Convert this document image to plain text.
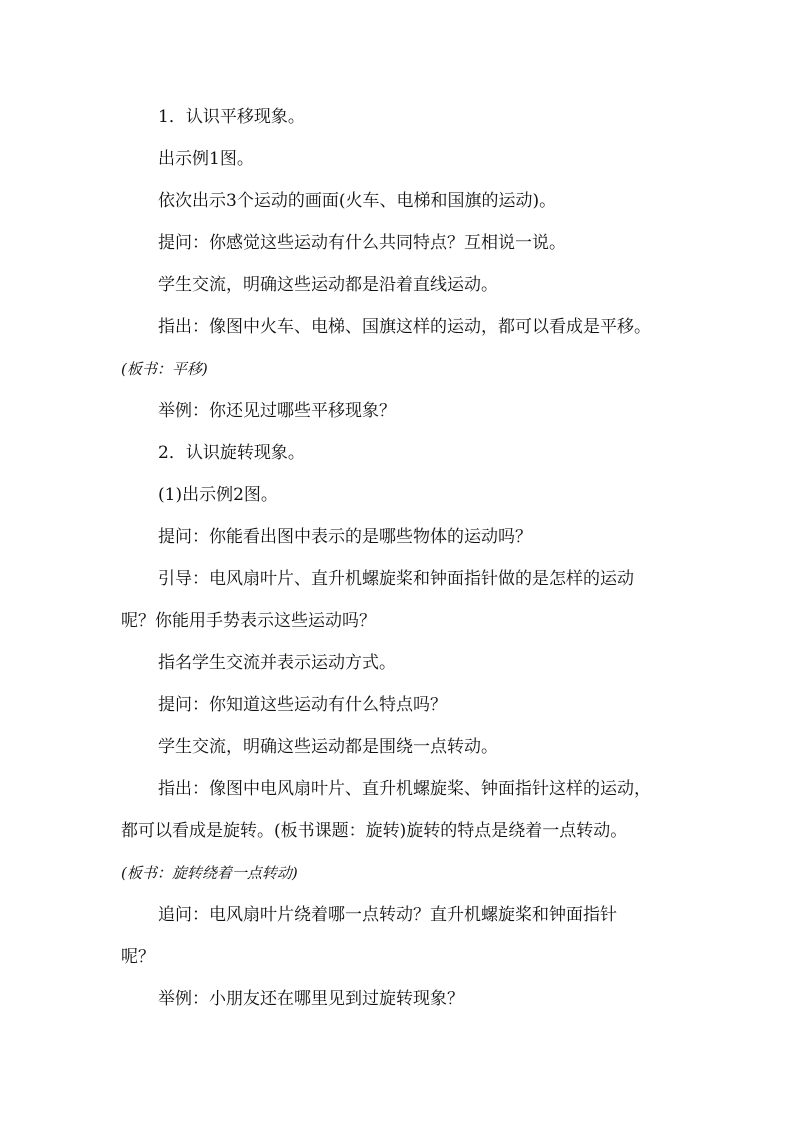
1．认识平移现象。
出示例1图。
依次出示3个运动的画面(火车、电梯和国旗的运动)。
提问：你感觉这些运动有什么共同特点？互相说一说。
学生交流，明确这些运动都是沿着直线运动。
指出：像图中火车、电梯、国旗这样的运动，都可以看成是平移。
(板书：平移)
举例：你还见过哪些平移现象？
2．认识旋转现象。
(1)出示例2图。
提问：你能看出图中表示的是哪些物体的运动吗？
引导：电风扇叶片、直升机螺旋桨和钟面指针做的是怎样的运动
呢？你能用手势表示这些运动吗？
指名学生交流并表示运动方式。
提问：你知道这些运动有什么特点吗？
学生交流，明确这些运动都是围绕一点转动。
指出：像图中电风扇叶片、直升机螺旋桨、钟面指针这样的运动，
都可以看成是旋转。(板书课题：旋转)旋转的特点是绕着一点转动。
(板书：旋转绕着一点转动)
追问：电风扇叶片绕着哪一点转动？直升机螺旋桨和钟面指针
呢？
举例：小朋友还在哪里见到过旋转现象？
